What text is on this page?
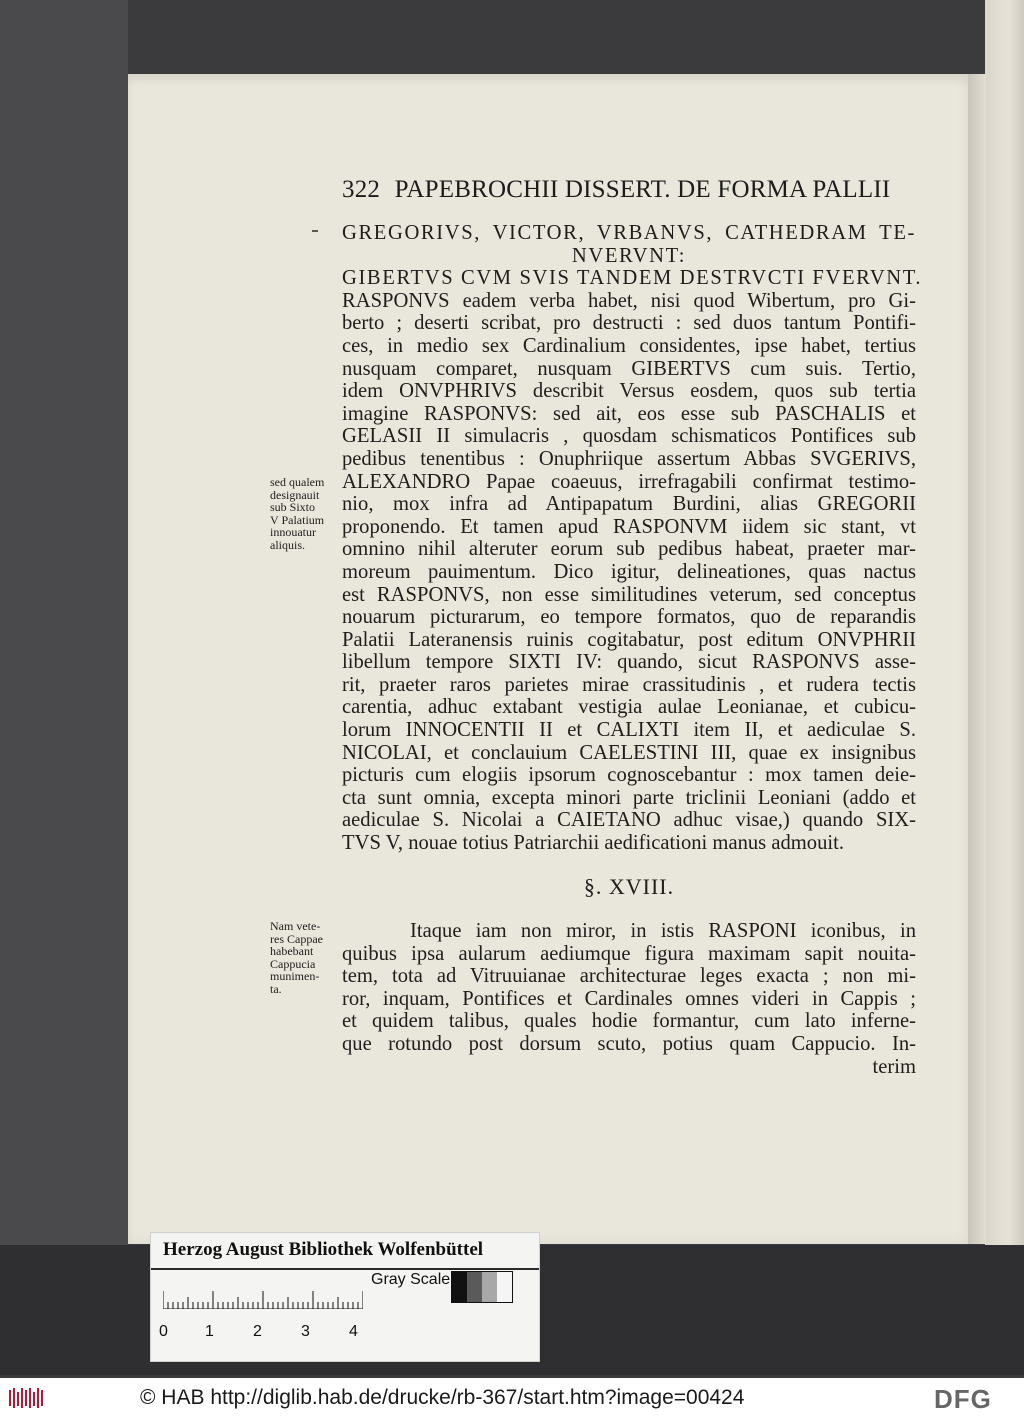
322 PAPEBROCHII DISSERT. DE FORMA PALLII
GREGORIVS, VICTOR, VRBANVS, CATHEDRAM TE-
NVERVNT:
GIBERTVS CVM SVIS TANDEM DESTRVCTI FVERVNT.
RASPONVS eadem verba habet, nisi quod Wibertum, pro Gi-
berto ; deserti scribat, pro destructi : sed duos tantum Pontifi-
ces, in medio sex Cardinalium considentes, ipse habet, tertius
nusquam comparet, nusquam GIBERTVS cum suis. Tertio,
idem ONVPHRIVS describit Versus eosdem, quos sub tertia
imagine RASPONVS: sed ait, eos esse sub PASCHALIS et
GELASII II simulacris , quosdam schismaticos Pontifices sub
pedibus tenentibus : Onuphriique assertum Abbas SVGERIVS,
ALEXANDRO Papae coaeuus, irrefragabili confirmat testimo-
nio, mox infra ad Antipapatum Burdini, alias GREGORII
proponendo. Et tamen apud RASPONVM iidem sic stant, vt
omnino nihil alteruter eorum sub pedibus habeat, praeter mar-
moreum pauimentum. Dico igitur, delineationes, quas nactus
est RASPONVS, non esse similitudines veterum, sed conceptus
nouarum picturarum, eo tempore formatos, quo de reparandis
Palatii Lateranensis ruinis cogitabatur, post editum ONVPHRII
libellum tempore SIXTI IV: quando, sicut RASPONVS asse-
rit, praeter raros parietes mirae crassitudinis , et rudera tectis
carentia, adhuc extabant vestigia aulae Leonianae, et cubicu-
lorum INNOCENTII II et CALIXTI item II, et aediculae S.
NICOLAI, et conclauium CAELESTINI III, quae ex insignibus
picturis cum elogiis ipsorum cognoscebantur : mox tamen deie-
cta sunt omnia, excepta minori parte triclinii Leoniani (addo et
aediculae S. Nicolai a CAIETANO adhuc visae,) quando SIX-
TVS V, nouae totius Patriarchii aedificationi manus admouit.
sed qualem
designauit
sub Sixto
V Palatium
innouatur
aliquis.
§. XVIII.
Itaque iam non miror, in istis RASPONI iconibus, in
quibus ipsa aularum aediumque figura maximam sapit nouita-
tem, tota ad Vitruuianae architecturae leges exacta ; non mi-
ror, inquam, Pontifices et Cardinales omnes videri in Cappis ;
et quidem talibus, quales hodie formantur, cum lato inferne-
que rotundo post dorsum scuto, potius quam Cappucio. In-
terim
Nam vete-
res Cappae
habebant
Cappucia
munimen-
ta.
Herzog August Bibliothek Wolfenbüttel
0 1 2 3 4
Gray Scale
© HAB http://diglib.hab.de/drucke/rb-367/start.htm?image=00424	DFG
